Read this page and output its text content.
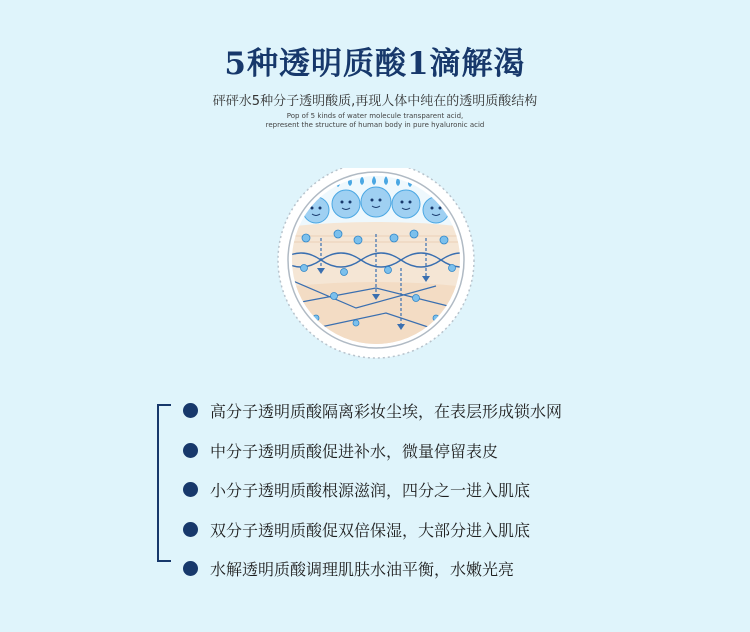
5种透明质酸1滴解渴
砰砰水5种分子透明酸质,再现人体中纯在的透明质酸结构
Pop of 5 kinds of water molecule transparent acid,
represent the structure of human body in pure hyaluronic acid
高分子透明质酸隔离彩妆尘埃，在表层形成锁水网
中分子透明质酸促进补水，微量停留表皮
小分子透明质酸根源滋润，四分之一进入肌底
双分子透明质酸促双倍保湿，大部分进入肌底
水解透明质酸调理肌肤水油平衡，水嫩光亮
